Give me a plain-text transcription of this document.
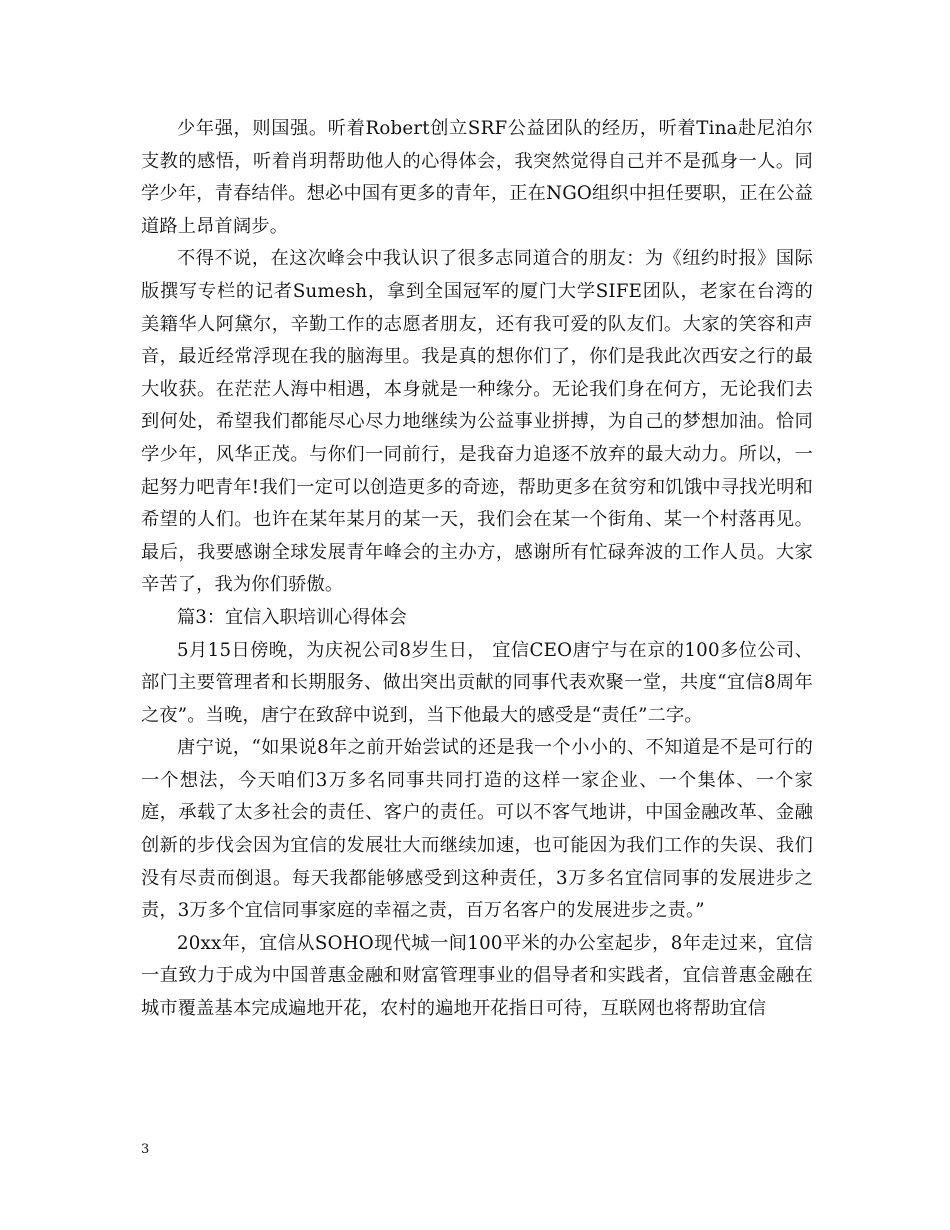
少年强，则国强。听着Robert创立SRF公益团队的经历，听着Tina赴尼泊尔支教的感悟，听着肖玥帮助他人的心得体会，我突然觉得自己并不是孤身一人。同学少年，青春结伴。想必中国有更多的青年，正在NGO组织中担任要职，正在公益道路上昂首阔步。

不得不说，在这次峰会中我认识了很多志同道合的朋友：为《纽约时报》国际版撰写专栏的记者Sumesh，拿到全国冠军的厦门大学SIFE团队，老家在台湾的美籍华人阿黛尔，辛勤工作的志愿者朋友，还有我可爱的队友们。大家的笑容和声音，最近经常浮现在我的脑海里。我是真的想你们了，你们是我此次西安之行的最大收获。在茫茫人海中相遇，本身就是一种缘分。无论我们身在何方，无论我们去到何处，希望我们都能尽心尽力地继续为公益事业拼搏，为自己的梦想加油。恰同学少年，风华正茂。与你们一同前行，是我奋力追逐不放弃的最大动力。所以，一起努力吧青年!我们一定可以创造更多的奇迹，帮助更多在贫穷和饥饿中寻找光明和希望的人们。也许在某年某月的某一天，我们会在某一个街角、某一个村落再见。 最后，我要感谢全球发展青年峰会的主办方，感谢所有忙碌奔波的工作人员。大家辛苦了，我为你们骄傲。

篇3：宜信入职培训心得体会

5月15日傍晚，为庆祝公司8岁生日， 宜信CEO唐宁与在京的100多位公司、部门主要管理者和长期服务、做出突出贡献的同事代表欢聚一堂，共度“宜信8周年之夜”。当晚，唐宁在致辞中说到，当下他最大的感受是“责任”二字。

唐宁说，“如果说8年之前开始尝试的还是我一个小小的、不知道是不是可行的一个想法，今天咱们3万多名同事共同打造的这样一家企业、一个集体、一个家庭，承载了太多社会的责任、客户的责任。可以不客气地讲，中国金融改革、金融创新的步伐会因为宜信的发展壮大而继续加速，也可能因为我们工作的失误、我们没有尽责而倒退。每天我都能够感受到这种责任，3万多名宜信同事的发展进步之责，3万多个宜信同事家庭的幸福之责，百万名客户的发展进步之责。”

20xx年，宜信从SOHO现代城一间100平米的办公室起步，8年走过来，宜信一直致力于成为中国普惠金融和财富管理事业的倡导者和实践者，宜信普惠金融在城市覆盖基本完成遍地开花，农村的遍地开花指日可待，互联网也将帮助宜信

3
